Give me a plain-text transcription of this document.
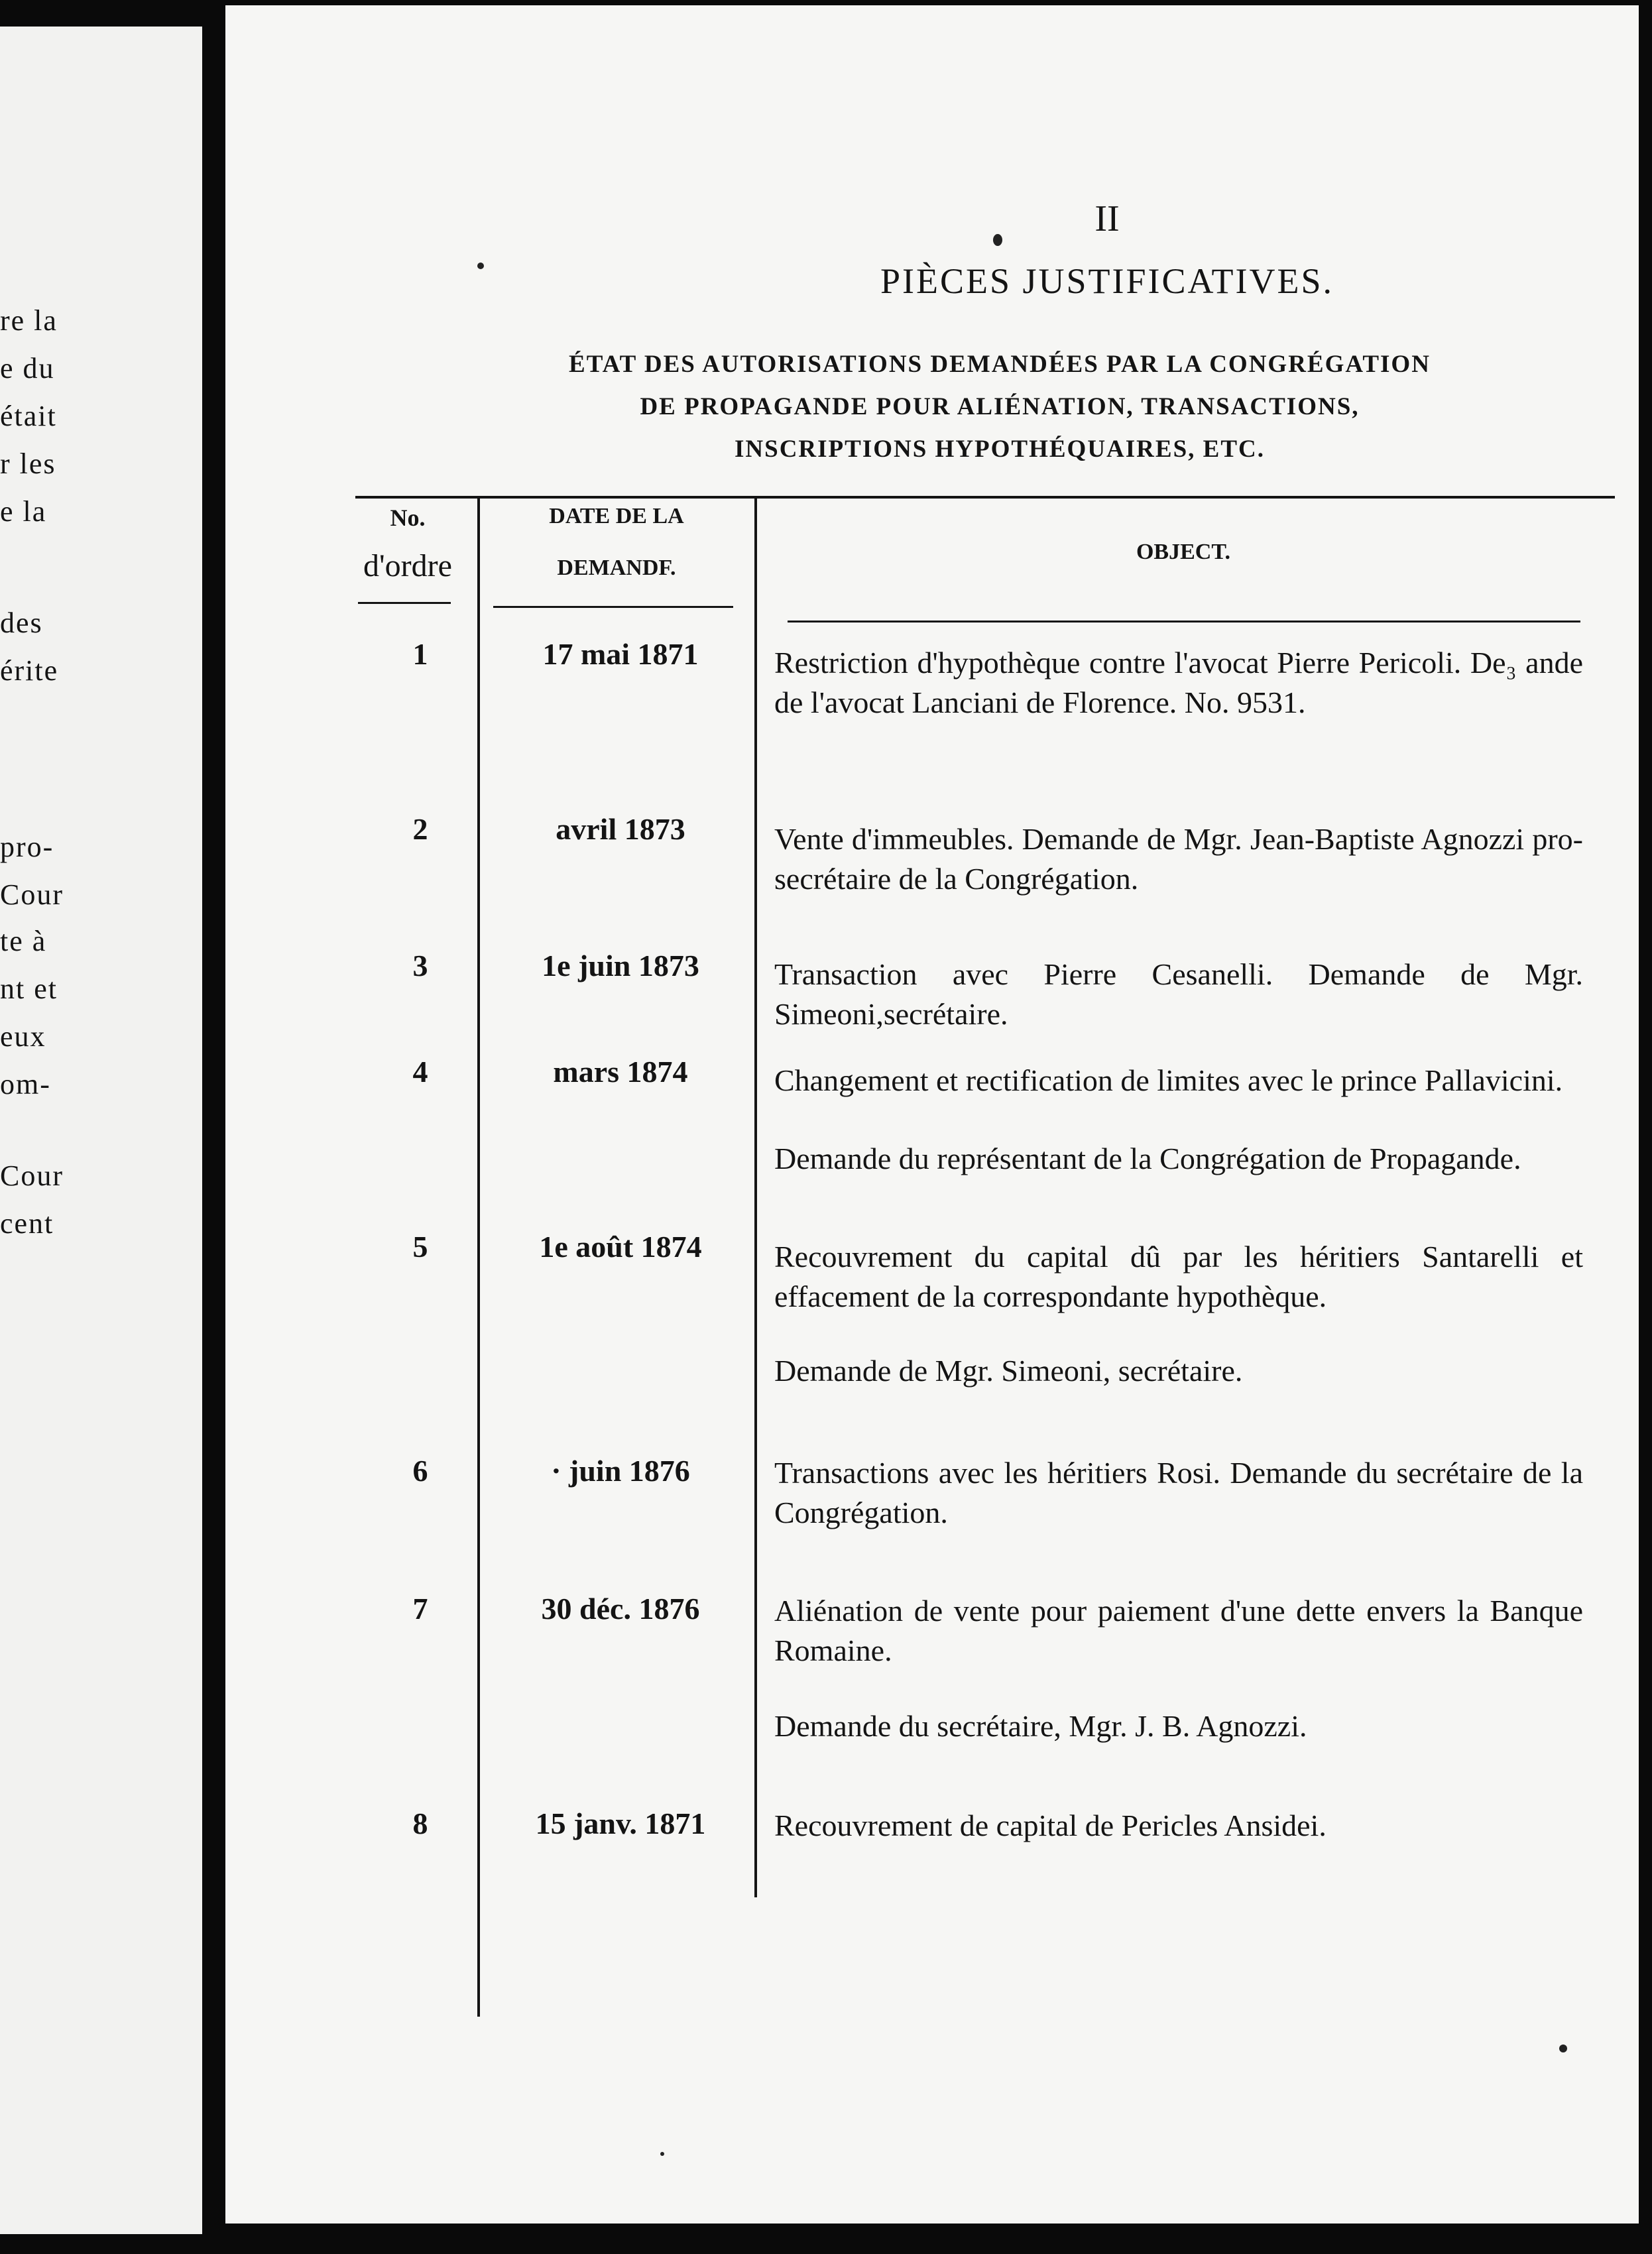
re la
e du
était
r les
e la
des
érite
pro-
Cour
te à
nt et
eux
om-
Cour
cent
II
PIÈCES JUSTIFICATIVES.

ÉTAT DES AUTORISATIONS DEMANDÉES PAR LA CONGRÉGATION

DE PROPAGANDE POUR ALIÉNATION, TRANSACTIONS,

INSCRIPTIONS HYPOTHÉQUAIRES, ETC.

No.

d'ordre

DATE DE LA

DEMANDF.

OBJECT.

1	17 mai 1871	Restriction d'hypothèque contre l'avocat Pierre Pericoli. De₃ ande de l'avocat Lanciani de Florence. No. 9531.

2	avril 1873	Vente d'immeubles. Demande de Mgr. Jean-Baptiste Agnozzi pro-secrétaire de la Congrégation.

3	1e juin 1873	Transaction avec Pierre Cesanelli. Demande de Mgr. Simeoni,secrétaire.

4	mars 1874	Changement et rectification de limites avec le prince Pallavicini.

Demande du représentant de la Congrégation de Propagande.

5	1e août 1874	Recouvrement du capital dû par les héritiers Santarelli et effacement de la correspondante hypothèque.

Demande de Mgr. Simeoni, secrétaire.

6	· juin 1876	Transactions avec les héritiers Rosi. Demande du secrétaire de la Congrégation.

7	30 déc. 1876	Aliénation de vente pour paiement d'une dette envers la Banque Romaine.

Demande du secrétaire, Mgr. J. B. Agnozzi.

8	15 janv. 1871	Recouvrement de capital de Pericles Ansidei.
